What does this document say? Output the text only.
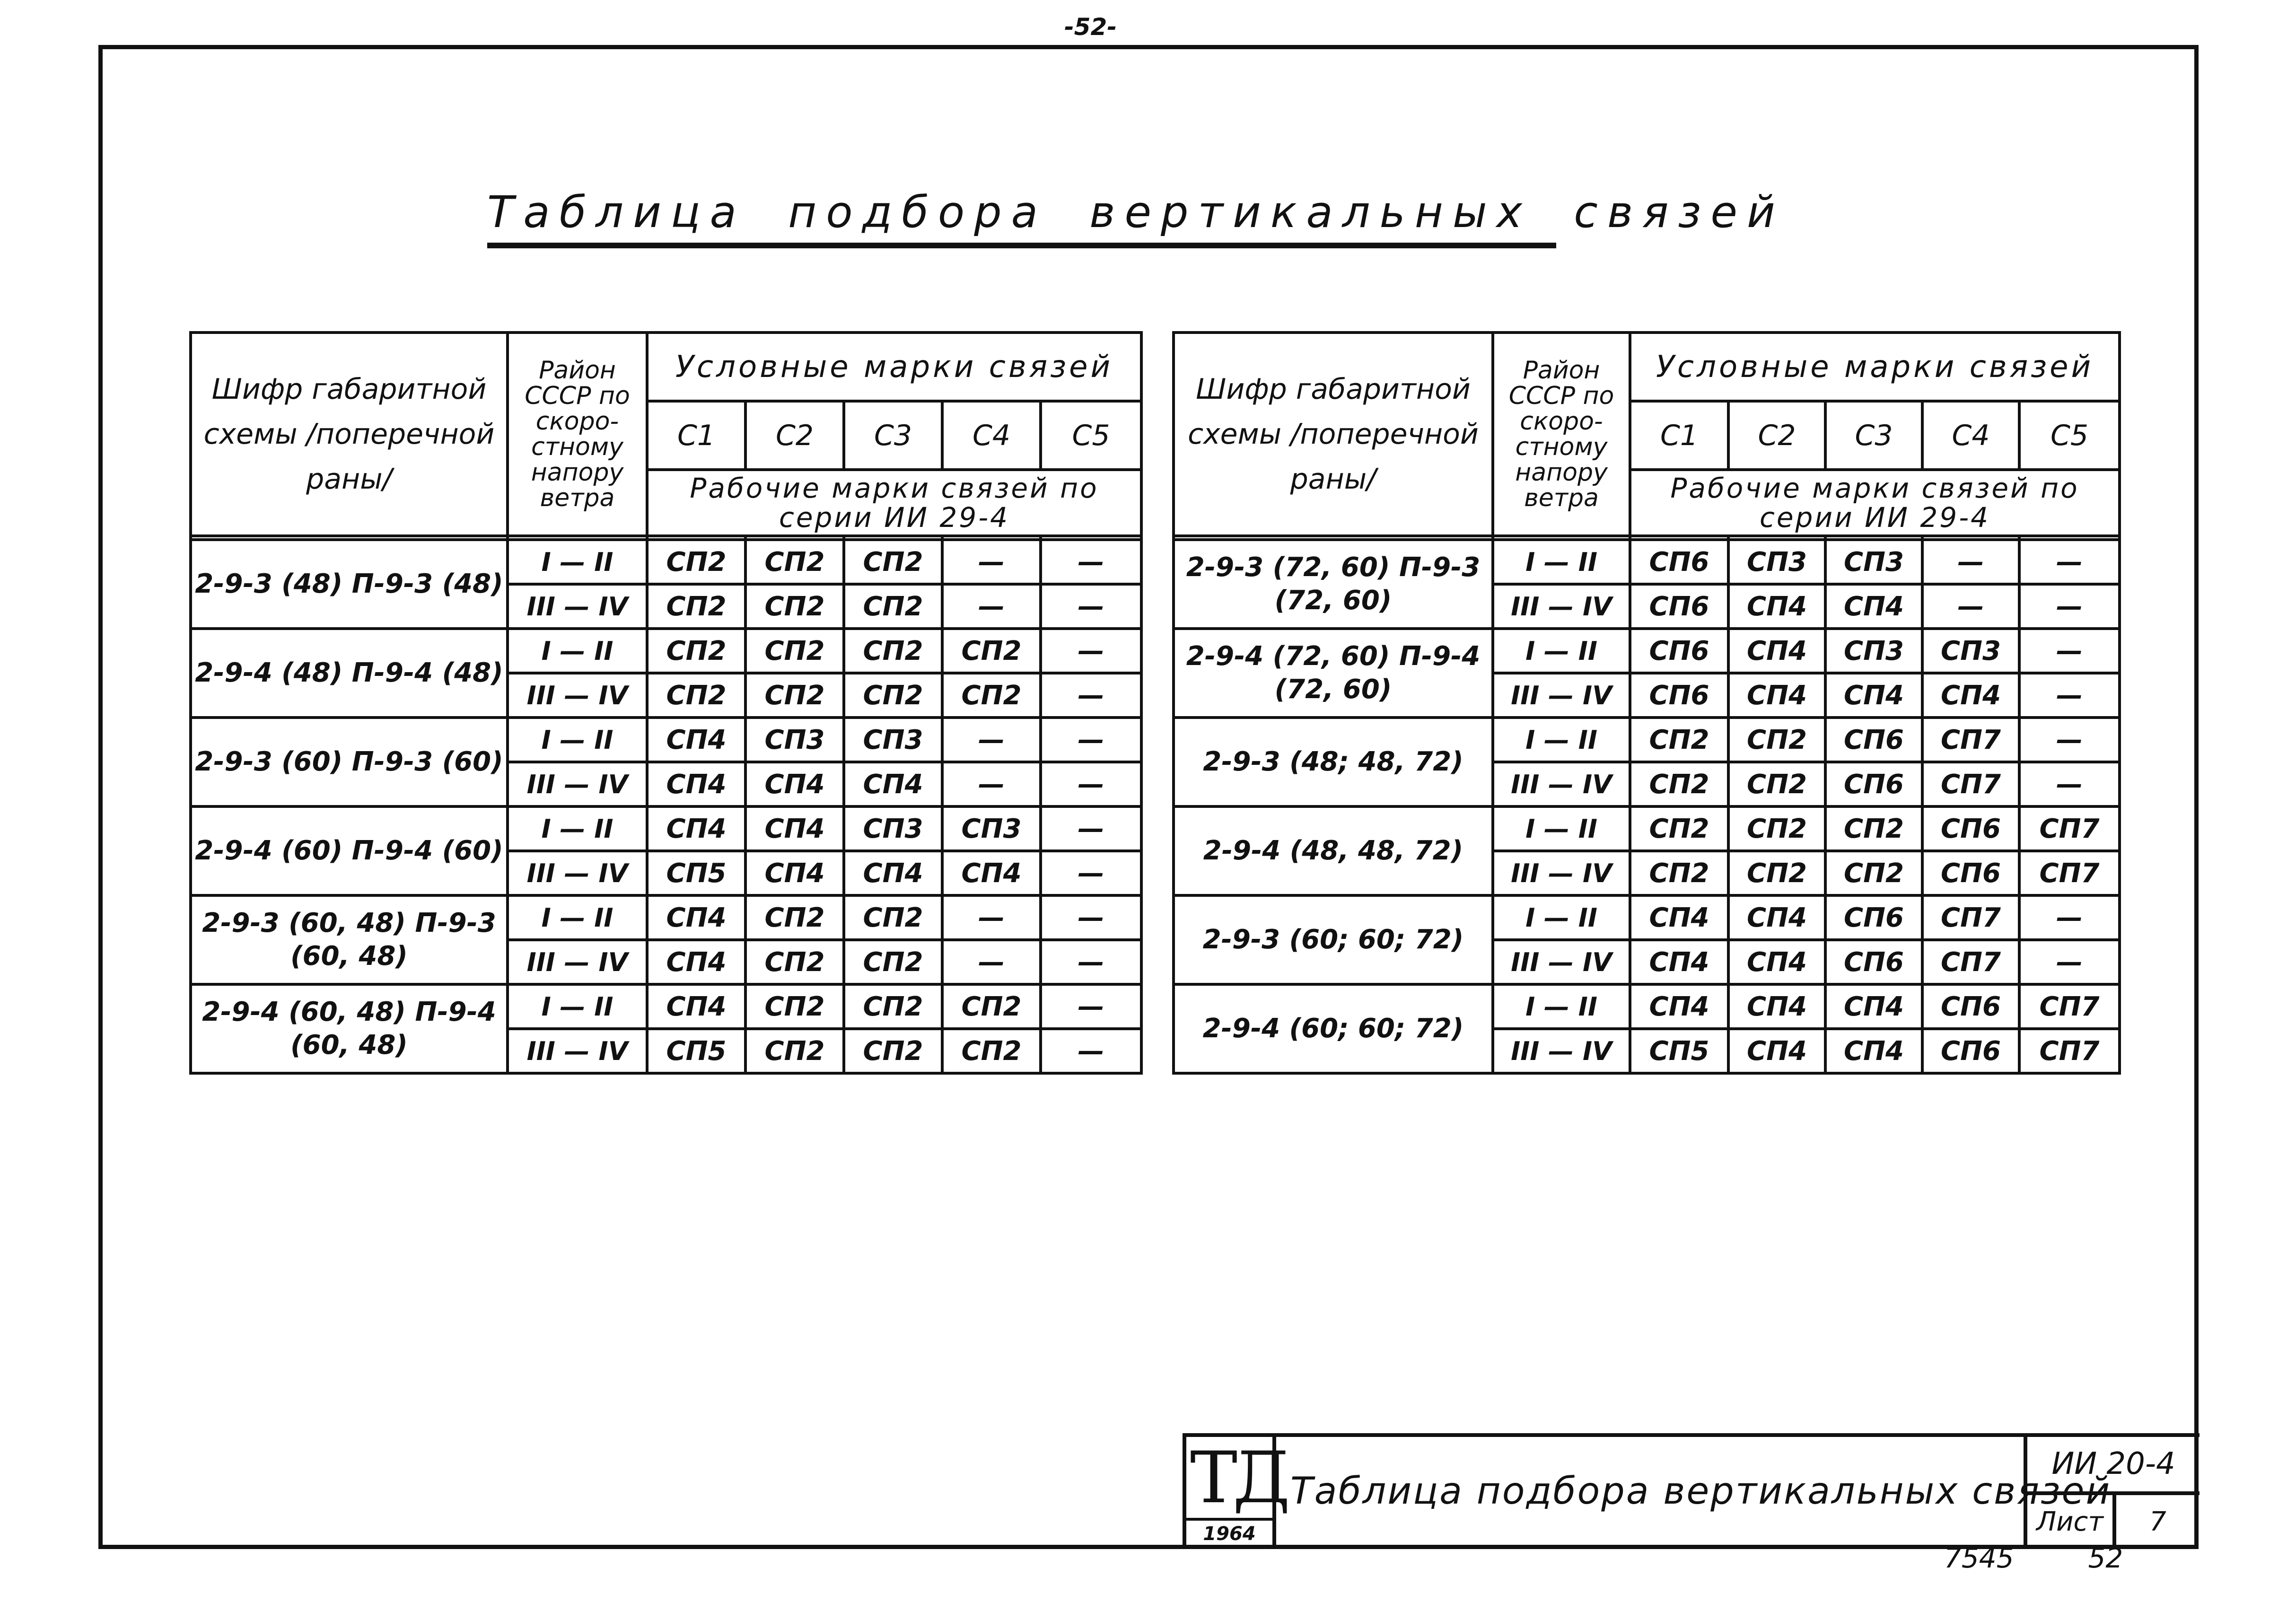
-52-
Таблица подбора вертикальных связей
Шифр габаритной схемы /поперечной раны/	Район СССР по скоро- стному напору ветра	Условные марки связей				
		С1	С2	С3	С4	С5
		Рабочие марки связей по серии ИИ 29-4				

2-9-3 (48) П-9-3 (48)	I — II	СП2	СП2	СП2	—	—
	III — IV	СП2	СП2	СП2	—	—
2-9-4 (48) П-9-4 (48)	I — II	СП2	СП2	СП2	СП2	—
	III — IV	СП2	СП2	СП2	СП2	—
2-9-3 (60) П-9-3 (60)	I — II	СП4	СП3	СП3	—	—
	III — IV	СП4	СП4	СП4	—	—
2-9-4 (60) П-9-4 (60)	I — II	СП4	СП4	СП3	СП3	—
	III — IV	СП5	СП4	СП4	СП4	—
2-9-3 (60, 48) П-9-3 (60, 48)	I — II	СП4	СП2	СП2	—	—
	III — IV	СП4	СП2	СП2	—	—
2-9-4 (60, 48) П-9-4 (60, 48)	I — II	СП4	СП2	СП2	СП2	—
	III — IV	СП5	СП2	СП2	СП2	—
Шифр габаритной схемы /поперечной раны/	Район СССР по скоро- стному напору ветра	Условные марки связей				
		С1	С2	С3	С4	С5
		Рабочие марки связей по серии ИИ 29-4				

2-9-3 (72, 60) П-9-3 (72, 60)	I — II	СП6	СП3	СП3	—	—
	III — IV	СП6	СП4	СП4	—	—
2-9-4 (72, 60) П-9-4 (72, 60)	I — II	СП6	СП4	СП3	СП3	—
	III — IV	СП6	СП4	СП4	СП4	—
2-9-3 (48; 48, 72)	I — II	СП2	СП2	СП6	СП7	—
	III — IV	СП2	СП2	СП6	СП7	—
2-9-4 (48, 48, 72)	I — II	СП2	СП2	СП2	СП6	СП7
	III — IV	СП2	СП2	СП2	СП6	СП7
2-9-3 (60; 60; 72)	I — II	СП4	СП4	СП6	СП7	—
	III — IV	СП4	СП4	СП6	СП7	—
2-9-4 (60; 60; 72)	I — II	СП4	СП4	СП4	СП6	СП7
	III — IV	СП5	СП4	СП4	СП6	СП7
ТД
1964
Таблица подбора вертикальных связей
ИИ 20-4
Лист	7
7545	52
